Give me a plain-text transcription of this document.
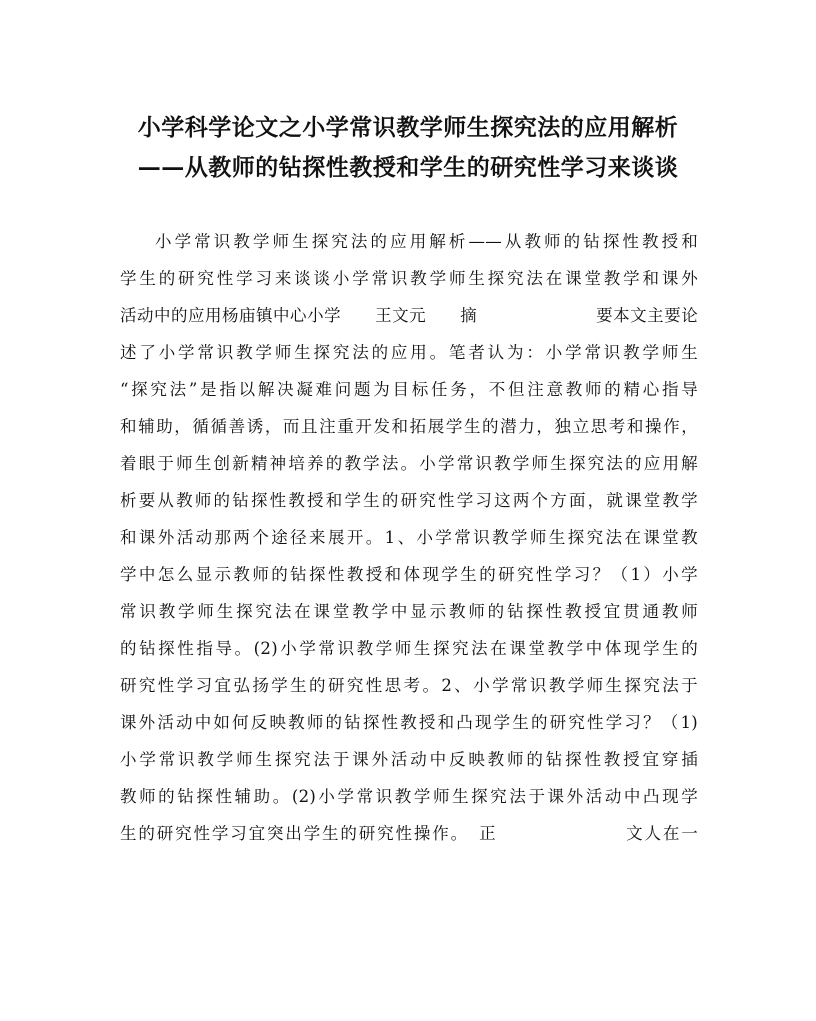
小学科学论文之小学常识教学师生探究法的应用解析
——从教师的钻探性教授和学生的研究性学习来谈谈
小学常识教学师生探究法的应用解析——从教师的钻探性教授和
学生的研究性学习来谈谈小学常识教学师生探究法在课堂教学和课外
活动中的应用杨庙镇中心小学　　王文元　　摘　　　　　　　要本文主要论
述了小学常识教学师生探究法的应用。笔者认为：小学常识教学师生
“探究法”是指以解决凝难问题为目标任务，不但注意教师的精心指导
和辅助，循循善诱，而且注重开发和拓展学生的潜力，独立思考和操作，
着眼于师生创新精神培养的教学法。小学常识教学师生探究法的应用解
析要从教师的钻探性教授和学生的研究性学习这两个方面，就课堂教学
和课外活动那两个途径来展开。1、小学常识教学师生探究法在课堂教
学中怎么显示教师的钻探性教授和体现学生的研究性学习？（1）小学
常识教学师生探究法在课堂教学中显示教师的钻探性教授宜贯通教师
的钻探性指导。(2)小学常识教学师生探究法在课堂教学中体现学生的
研究性学习宜弘扬学生的研究性思考。2、小学常识教学师生探究法于
课外活动中如何反映教师的钻探性教授和凸现学生的研究性学习？（1)
小学常识教学师生探究法于课外活动中反映教师的钻探性教授宜穿插
教师的钻探性辅助。(2)小学常识教学师生探究法于课外活动中凸现学
生的研究性学习宜突出学生的研究性操作。　正　　　　　　　文人在一
